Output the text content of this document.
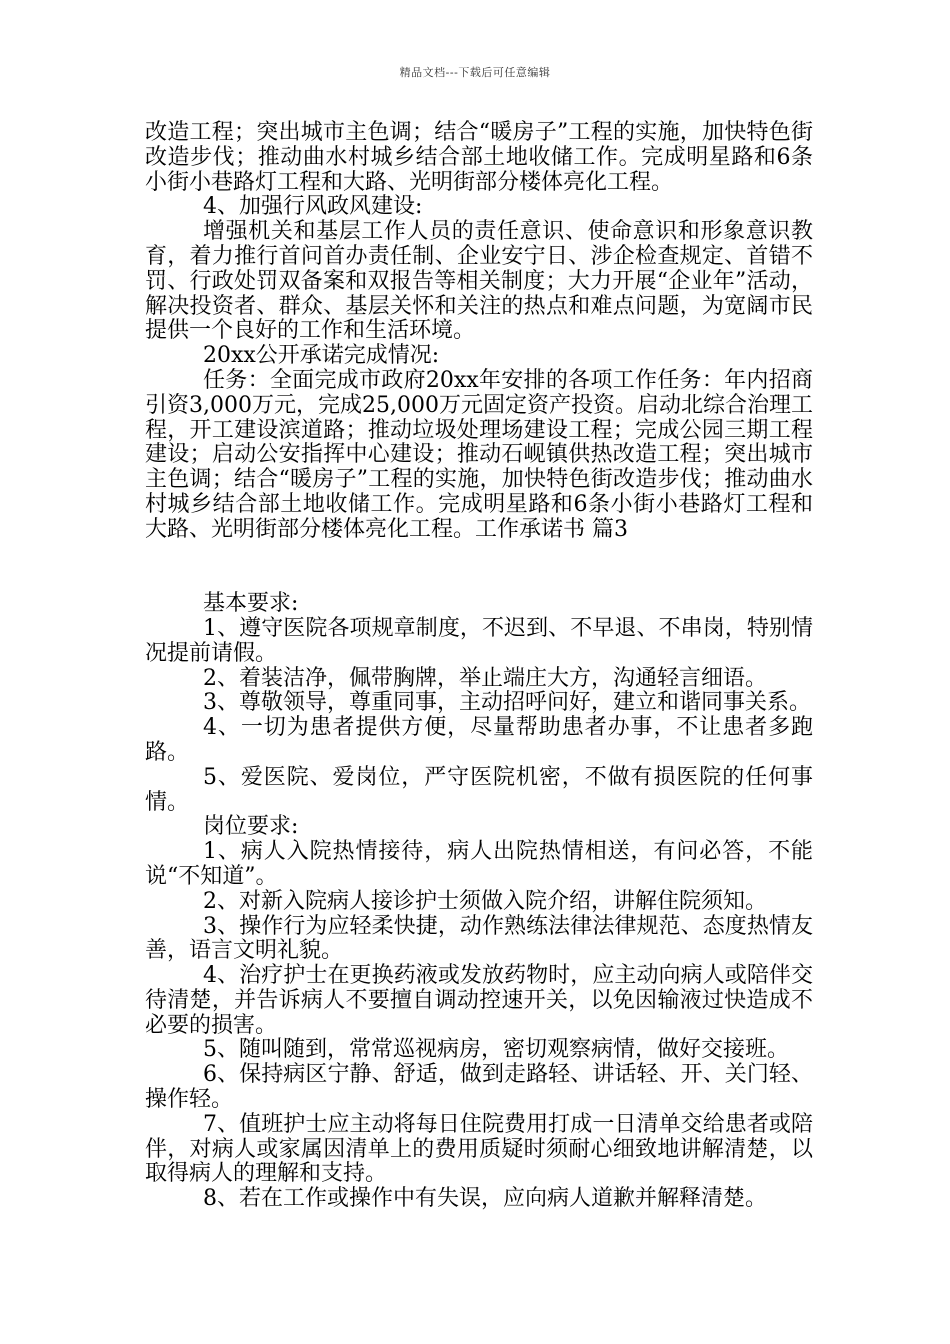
精品文档---下载后可任意编辑

改造工程；突出城市主色调；结合“暖房子”工程的实施，加快特色街改造步伐；推动曲水村城乡结合部土地收储工作。完成明星路和6条小街小巷路灯工程和大路、光明街部分楼体亮化工程。

4、加强行风政风建设:

增强机关和基层工作人员的责任意识、使命意识和形象意识教育，着力推行首问首办责任制、企业安宁日、涉企检查规定、首错不罚、行政处罚双备案和双报告等相关制度；大力开展“企业年”活动，解决投资者、群众、基层关怀和关注的热点和难点问题，为宽阔市民提供一个良好的工作和生活环境。

20xx公开承诺完成情况:

任务：全面完成市政府20xx年安排的各项工作任务：年内招商引资3,000万元，完成25,000万元固定资产投资。启动北综合治理工程，开工建设滨道路；推动垃圾处理场建设工程；完成公园三期工程建设；启动公安指挥中心建设；推动石岘镇供热改造工程；突出城市主色调；结合“暖房子”工程的实施，加快特色街改造步伐；推动曲水村城乡结合部土地收储工作。完成明星路和6条小街小巷路灯工程和大路、光明街部分楼体亮化工程。工作承诺书 篇3

基本要求:

1、遵守医院各项规章制度，不迟到、不早退、不串岗，特别情况提前请假。

2、着装洁净，佩带胸牌，举止端庄大方，沟通轻言细语。

3、尊敬领导，尊重同事，主动招呼问好，建立和谐同事关系。

4、一切为患者提供方便，尽量帮助患者办事，不让患者多跑路。

5、爱医院、爱岗位，严守医院机密，不做有损医院的任何事情。

岗位要求:

1、病人入院热情接待，病人出院热情相送，有问必答，不能说“不知道”。

2、对新入院病人接诊护士须做入院介绍，讲解住院须知。

3、操作行为应轻柔快捷，动作熟练法律法律规范、态度热情友善，语言文明礼貌。

4、治疗护士在更换药液或发放药物时，应主动向病人或陪伴交待清楚，并告诉病人不要擅自调动控速开关，以免因输液过快造成不必要的损害。

5、随叫随到，常常巡视病房，密切观察病情，做好交接班。

6、保持病区宁静、舒适，做到走路轻、讲话轻、开、关门轻、操作轻。

7、值班护士应主动将每日住院费用打成一日清单交给患者或陪伴，对病人或家属因清单上的费用质疑时须耐心细致地讲解清楚，以取得病人的理解和支持。

8、若在工作或操作中有失误，应向病人道歉并解释清楚。
